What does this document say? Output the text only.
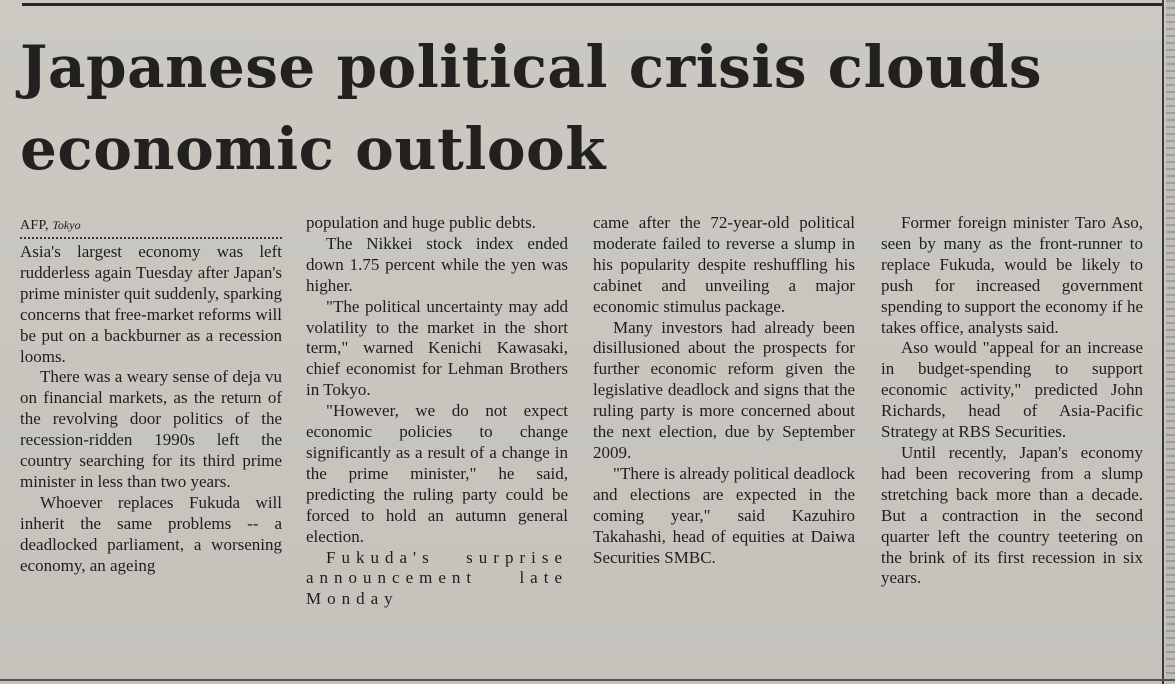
Japanese political crisis clouds
economic outlook
AFP, Tokyo

Asia's largest economy was left rudderless again Tuesday after Japan's prime minister quit suddenly, sparking concerns that free-market reforms will be put on a backburner as a recession looms.

There was a weary sense of deja vu on financial markets, as the return of the revolving door politics of the recession-ridden 1990s left the country searching for its third prime minister in less than two years.

Whoever replaces Fukuda will inherit the same problems -- a deadlocked parliament, a worsening economy, an ageing

population and huge public debts.

The Nikkei stock index ended down 1.75 percent while the yen was higher.

"The political uncertainty may add volatility to the market in the short term," warned Kenichi Kawasaki, chief economist for Lehman Brothers in Tokyo.

"However, we do not expect economic policies to change significantly as a result of a change in the prime minister," he said, predicting the ruling party could be forced to hold an autumn general election.

Fukuda's surprise announcement late Monday

came after the 72-year-old political moderate failed to reverse a slump in his popularity despite reshuffling his cabinet and unveiling a major economic stimulus package.

Many investors had already been disillusioned about the prospects for further economic reform given the legislative deadlock and signs that the ruling party is more concerned about the next election, due by September 2009.

"There is already political deadlock and elections are expected in the coming year," said Kazuhiro Takahashi, head of equities at Daiwa Securities SMBC.

Former foreign minister Taro Aso, seen by many as the front-runner to replace Fukuda, would be likely to push for increased government spending to support the economy if he takes office, analysts said.

Aso would "appeal for an increase in budget-spending to support economic activity," predicted John Richards, head of Asia-Pacific Strategy at RBS Securities.

Until recently, Japan's economy had been recovering from a slump stretching back more than a decade. But a contraction in the second quarter left the country teetering on the brink of its first recession in six years.
